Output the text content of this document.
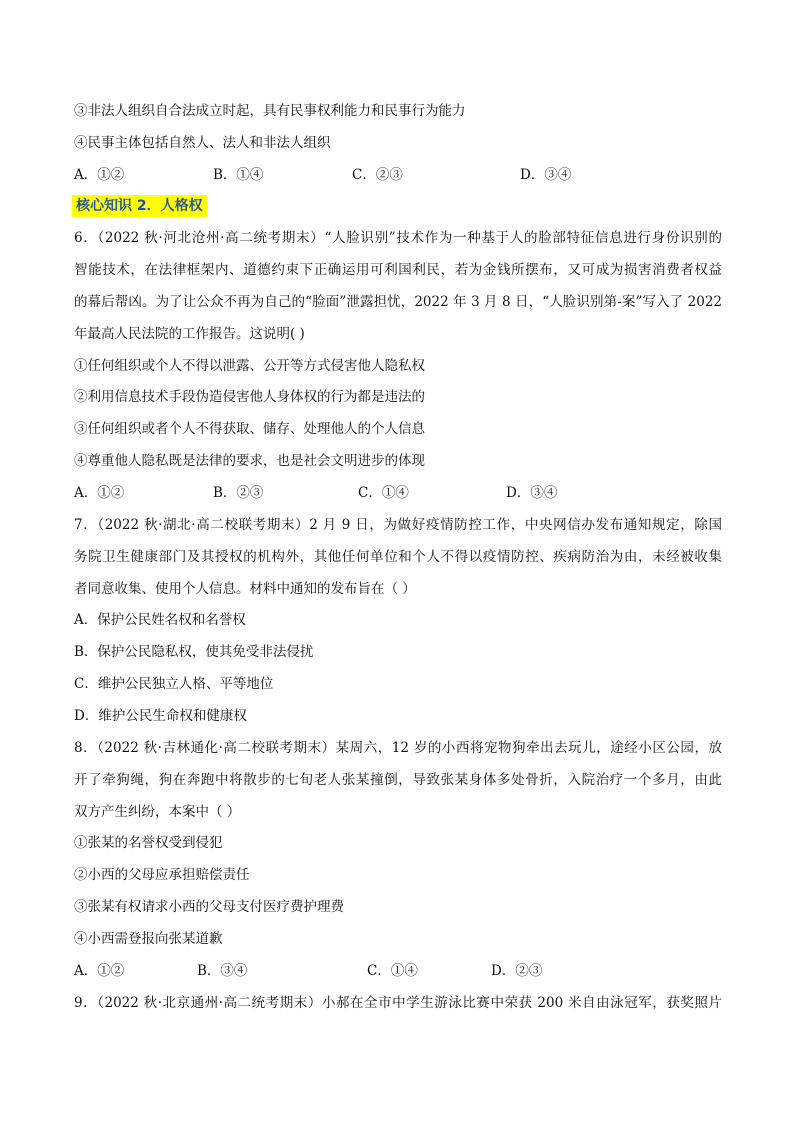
③非法人组织自合法成立时起，具有民事权利能力和民事行为能力
④民事主体包括自然人、法人和非法人组织
A．①②	B．①④	C．②③	D．③④
核心知识 2．人格权
6．（2022 秋·河北沧州·高二统考期末）“人脸识别”技术作为一种基于人的脸部特征信息进行身份识别的
智能技术，在法律框架内、道德约束下正确运用可利国利民，若为金钱所摆布，又可成为损害消费者权益
的幕后帮凶。为了让公众不再为自己的“脸面”泄露担忧，2022 年 3 月 8 日，“人脸识别第-案”写入了 2022
年最高人民法院的工作报告。这说明( )
①任何组织或个人不得以泄露、公开等方式侵害他人隐私权
②利用信息技术手段伪造侵害他人身体权的行为都是违法的
③任何组织或者个人不得获取、储存、处理他人的个人信息
④尊重他人隐私既是法律的要求，也是社会文明进步的体现
A．①②	B．②③	C．①④	D．③④
7．（2022 秋·湖北·高二校联考期末）2 月 9 日，为做好疫情防控工作，中央网信办发布通知规定，除国
务院卫生健康部门及其授权的机构外，其他任何单位和个人不得以疫情防控、疾病防治为由，未经被收集
者同意收集、使用个人信息。材料中通知的发布旨在（ ）
A．保护公民姓名权和名誉权
B．保护公民隐私权，使其免受非法侵扰
C．维护公民独立人格、平等地位
D．维护公民生命权和健康权
8．（2022 秋·吉林通化·高二校联考期末）某周六，12 岁的小西将宠物狗牵出去玩儿，途经小区公园，放
开了牵狗绳，狗在奔跑中将散步的七旬老人张某撞倒，导致张某身体多处骨折，入院治疗一个多月，由此
双方产生纠纷，本案中（ ）
①张某的名誉权受到侵犯
②小西的父母应承担赔偿责任
③张某有权请求小西的父母支付医疗费护理费
④小西需登报向张某道歉
A．①②	B．③④	C．①④	D．②③
9．（2022 秋·北京通州·高二统考期末）小郝在全市中学生游泳比赛中荣获 200 米自由泳冠军，获奖照片
